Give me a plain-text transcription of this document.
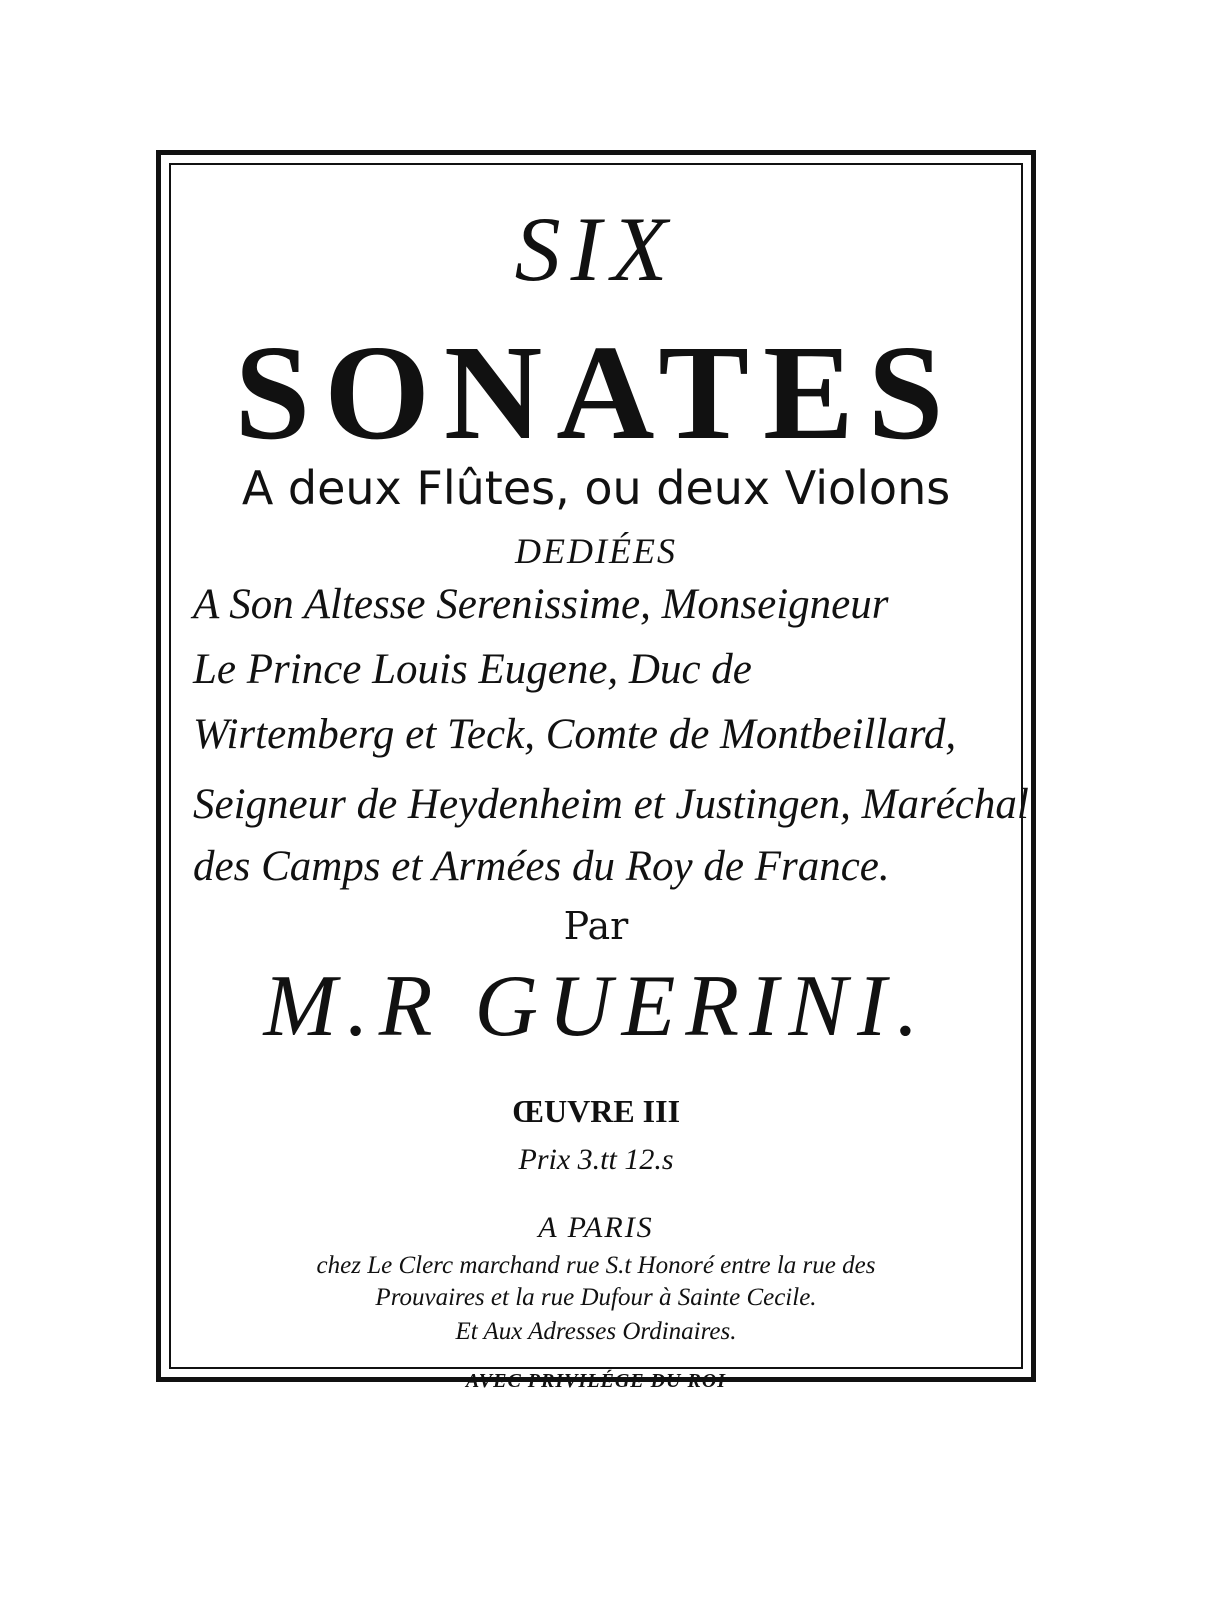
SIX
SONATES
A deux Flûtes, ou deux Violons
DEDIÉES
A Son Altesse Serenissime, Monseigneur
Le Prince Louis Eugene, Duc de
Wirtemberg et Teck, Comte de Montbeillard,
Seigneur de Heydenheim et Justingen, Maréchal
des Camps et Armées du Roy de France.
Par
M.R GUERINI.
ŒUVRE III
Prix 3.tt 12.s
A PARIS
chez Le Clerc marchand rue S.t Honoré entre la rue des
Prouvaires et la rue Dufour à Sainte Cecile.
Et Aux Adresses Ordinaires.
AVEC PRIVILÉGE DU ROI
